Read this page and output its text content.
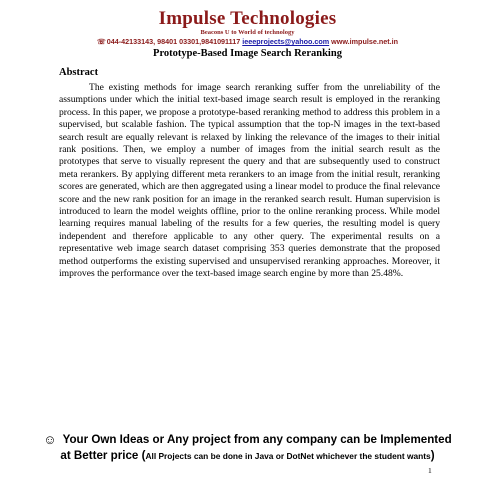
Impulse Technologies
Beacons U to World of technology
☏044-42133143, 98401 03301,9841091117 ieeeprojects@yahoo.com www.impulse.net.in
Prototype-Based Image Search Reranking
Abstract
The existing methods for image search reranking suffer from the unreliability of the assumptions under which the initial text-based image search result is employed in the reranking process. In this paper, we propose a prototype-based reranking method to address this problem in a supervised, but scalable fashion. The typical assumption that the top-N images in the text-based search result are equally relevant is relaxed by linking the relevance of the images to their initial rank positions. Then, we employ a number of images from the initial search result as the prototypes that serve to visually represent the query and that are subsequently used to construct meta rerankers. By applying different meta rerankers to an image from the initial result, reranking scores are generated, which are then aggregated using a linear model to produce the final relevance score and the new rank position for an image in the reranked search result. Human supervision is introduced to learn the model weights offline, prior to the online reranking process. While model learning requires manual labeling of the results for a few queries, the resulting model is query independent and therefore applicable to any other query. The experimental results on a representative web image search dataset comprising 353 queries demonstrate that the proposed method outperforms the existing supervised and unsupervised reranking approaches. Moreover, it improves the performance over the text-based image search engine by more than 25.48%.
☺ Your Own Ideas or Any project from any company can be Implemented
at Better price (All Projects can be done in Java or DotNet whichever the student wants)
1
